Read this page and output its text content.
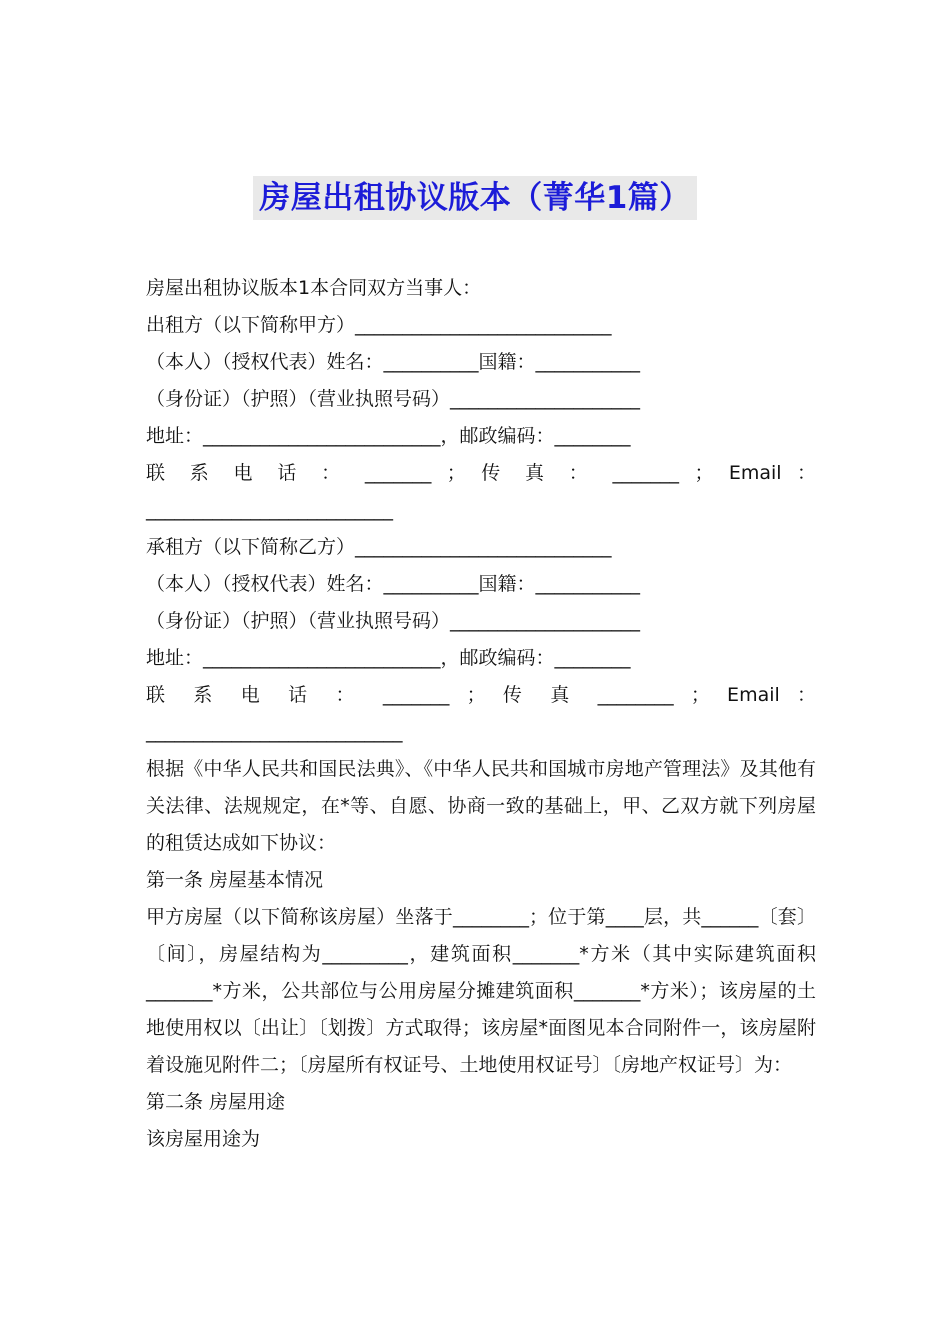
房屋出租协议版本（菁华1篇）
房屋出租协议版本1本合同双方当事人：
出租方（以下简称甲方）___________________________
（本人）（授权代表）姓名：__________国籍：___________
（身份证）（护照）（营业执照号码）____________________
地址：_________________________，邮政编码：________
联 系 电 话 ： _______ ； 传 真 ： _______ ； Email ：
__________________________
承租方（以下简称乙方）___________________________
（本人）（授权代表）姓名：__________国籍：___________
（身份证）（护照）（营业执照号码）____________________
地址：_________________________，邮政编码：________
联 系 电 话 ： _______ ； 传 真 ________ ； Email ：
___________________________
根据《中华人民共和国民法典》、《中华人民共和国城市房地产管理法》及其他有关法律、法规规定，在*等、自愿、协商一致的基础上，甲、乙双方就下列房屋的租赁达成如下协议：
第一条 房屋基本情况
甲方房屋（以下简称该房屋）坐落于________；位于第____层，共______〔套〕〔间〕，房屋结构为_________，建筑面积_______*方米（其中实际建筑面积_______*方米，公共部位与公用房屋分摊建筑面积_______*方米）；该房屋的土地使用权以〔出让〕〔划拨〕方式取得；该房屋*面图见本合同附件一，该房屋附着设施见附件二；〔房屋所有权证号、土地使用权证号〕〔房地产权证号〕为：
第二条 房屋用途
该房屋用途为
